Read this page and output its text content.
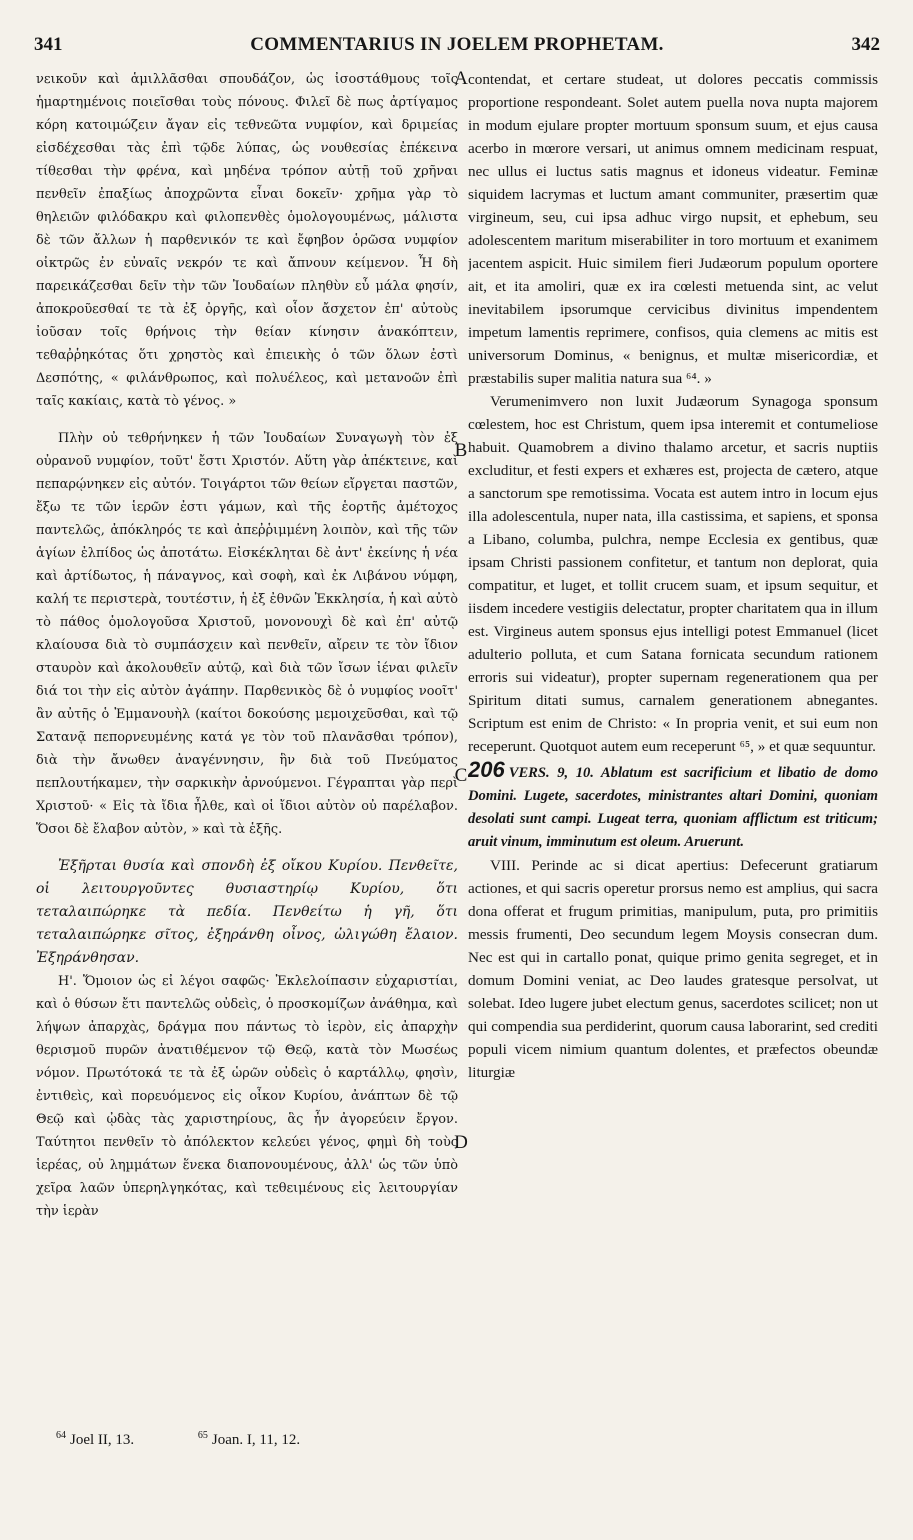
341	COMMENTARIUS IN JOELEM PROPHETAM.	342

νεικοῦν καὶ ἁμιλλᾶσθαι σπουδάζον, ὡς ἰσοστάθμους τοῖς ἡμαρτημένοις ποιεῖσθαι τοὺς πόνους. Φιλεῖ δὲ πως ἀρτίγαμος κόρη κατοιμώζειν ἄγαν εἰς τεθνεῶτα νυμφίον, καὶ δριμείας εἰσδέχεσθαι τὰς ἐπὶ τῷδε λύπας, ὡς νουθεσίας ἐπέκεινα τίθεσθαι τὴν φρένα, καὶ μηδένα τρόπον αὐτῇ τοῦ χρῆναι πενθεῖν ἐπαξίως ἀποχρῶντα εἶναι δοκεῖν· χρῆμα γὰρ τὸ θηλειῶν φιλόδακρυ καὶ φιλοπενθὲς ὁμολογουμένως, μάλιστα δὲ τῶν ἄλλων ἡ παρθενικόν τε καὶ ἔφηβον ὁρῶσα νυμφίον οἰκτρῶς ἐν εὐναῖς νεκρόν τε καὶ ἄπνουν κείμενον. Ἧ δὴ παρεικάζεσθαι δεῖν τὴν τῶν Ἰουδαίων πληθὺν εὖ μάλα φησίν, ἀποκροῦεσθαί τε τὰ ἐξ ὀργῆς, καὶ οἷον ἄσχετον ἐπ' αὐτοὺς ἰοῦσαν τοῖς θρήνοις τὴν θείαν κίνησιν ἀνακόπτειν, τεθαῤῥηκότας ὅτι χρηστὸς καὶ ἐπιεικὴς ὁ τῶν ὅλων ἐστὶ Δεσπότης, « φιλάνθρωπος, καὶ πολυέλεος, καὶ μετανοῶν ἐπὶ ταῖς κακίαις, κατὰ τὸ γένος. »

Πλὴν οὐ τεθρήνηκεν ἡ τῶν Ἰουδαίων Συναγωγὴ τὸν ἐξ οὐρανοῦ νυμφίον, τοῦτ' ἔστι Χριστόν. Αὕτη γὰρ ἀπέκτεινε, καὶ πεπαρῴνηκεν εἰς αὐτόν. Τοιγάρτοι τῶν θείων εἴργεται παστῶν, ἔξω τε τῶν ἱερῶν ἐστι γάμων, καὶ τῆς ἑορτῆς ἀμέτοχος παντελῶς, ἀπόκληρός τε καὶ ἀπεῤῥιμμένη λοιπὸν, καὶ τῆς τῶν ἁγίων ἐλπίδος ὡς ἀποτάτω. Εἰσκέκληται δὲ ἀντ' ἐκείνης ἡ νέα καὶ ἀρτίδωτος, ἡ πάναγνος, καὶ σοφὴ, καὶ ἐκ Λιβάνου νύμφη, καλή τε περιστερὰ, τουτέστιν, ἡ ἐξ ἐθνῶν Ἐκκλησία, ἡ καὶ αὐτὸ τὸ πάθος ὁμολογοῦσα Χριστοῦ, μονονουχὶ δὲ καὶ ἐπ' αὐτῷ κλαίουσα διὰ τὸ συμπάσχειν καὶ πενθεῖν, αἴρειν τε τὸν ἴδιον σταυρὸν καὶ ἀκολουθεῖν αὐτῷ, καὶ διὰ τῶν ἴσων ἰέναι φιλεῖν διά τοι τὴν εἰς αὐτὸν ἀγάπην. Παρθενικὸς δὲ ὁ νυμφίος νοοῖτ' ἂν αὐτῆς ὁ Ἐμμανουὴλ (καίτοι δοκούσης μεμοιχεῦσθαι, καὶ τῷ Σατανᾷ πεπορνευμένης κατά γε τὸν τοῦ πλανᾶσθαι τρόπον), διὰ τὴν ἄνωθεν ἀναγέννησιν, ἣν διὰ τοῦ Πνεύματος πεπλουτήκαμεν, τὴν σαρκικὴν ἀρνούμενοι. Γέγραπται γὰρ περὶ Χριστοῦ· « Εἰς τὰ ἴδια ἦλθε, καὶ οἱ ἴδιοι αὐτὸν οὐ παρέλαβον. Ὅσοι δὲ ἔλαβον αὐτὸν, » καὶ τὰ ἑξῆς.

Ἐξῆρται θυσία καὶ σπονδὴ ἐξ οἴκου Κυρίου. Πενθεῖτε, οἱ λειτουργοῦντες θυσιαστηρίῳ Κυρίου, ὅτι τεταλαιπώρηκε τὰ πεδία. Πενθείτω ἡ γῆ, ὅτι τεταλαιπώρηκε σῖτος, ἐξηράνθη οἶνος, ὠλιγώθη ἔλαιον. Ἐξηράνθησαν.

Η'. Ὅμοιον ὡς εἰ λέγοι σαφῶς· Ἐκλελοίπασιν εὐχαριστίαι, καὶ ὁ θύσων ἔτι παντελῶς οὐδεὶς, ὁ προσκομίζων ἀνάθημα, καὶ λήψων ἀπαρχὰς, δράγμα που πάντως τὸ ἱερὸν, εἰς ἀπαρχὴν θερισμοῦ πυρῶν ἀνατιθέμενον τῷ Θεῷ, κατὰ τὸν Μωσέως νόμον. Πρωτότοκά τε τὰ ἐξ ὡρῶν οὐδεὶς ὁ καρτάλλῳ, φησὶν, ἐντιθεὶς, καὶ πορευόμενος εἰς οἶκον Κυρίου, ἀνάπτων δὲ τῷ Θεῷ καὶ ᾠδὰς τὰς χαριστηρίους, ἃς ἦν ἀγορεύειν ἔργον. Ταύτητοι πενθεῖν τὸ ἀπόλεκτον κελεύει γένος, φημὶ δὴ τοὺς ἱερέας, οὐ ληµμάτων ἕνεκα διαπονουμένους, ἀλλ' ὡς τῶν ὑπὸ χεῖρα λαῶν ὑπερηλγηκότας, καὶ τεθειμένους εἰς λειτουργίαν τὴν ἱερὰν

A
B
C
D

contendat, et certare studeat, ut dolores peccatis commissis proportione respondeant. Solet autem puella nova nupta majorem in modum ejulare propter mortuum sponsum suum, et ejus causa acerbo in mœrore versari, ut animus omnem medicinam respuat, nec ullus ei luctus satis magnus et idoneus videatur. Feminæ siquidem lacrymas et luctum amant communiter, præsertim quæ virgineum, seu, cui ipsa adhuc virgo nupsit, et ephebum, seu adolescentem maritum miserabiliter in toro mortuum et exanimem jacentem aspicit. Huic similem fieri Judæorum populum oportere ait, et ita amoliri, quæ ex ira cœlesti metuenda sint, ac velut inevitabilem ipsorumque cervicibus divinitus impendentem impetum lamentis reprimere, confisos, quia clemens ac mitis est universorum Dominus, « benignus, et multæ misericordiæ, et præstabilis super malitia natura sua ⁶⁴. »

Verumenimvero non luxit Judæorum Synagoga sponsum cœlestem, hoc est Christum, quem ipsa interemit et contumeliose habuit. Quamobrem a divino thalamo arcetur, et sacris nuptiis excluditur, et festi expers et exhæres est, projecta de cætero, atque a sanctorum spe remotissima. Vocata est autem intro in locum ejus illa adolescentula, nuper nata, illa castissima, et sapiens, et sponsa a Libano, columba, pulchra, nempe Ecclesia ex gentibus, quæ ipsam Christi passionem confitetur, et tantum non deplorat, quia compatitur, et luget, et tollit crucem suam, et ipsum sequitur, et iisdem incedere vestigiis delectatur, propter charitatem qua in illum est. Virgineus autem sponsus ejus intelligi potest Emmanuel (licet adulterio polluta, et cum Satana fornicata secundum rationem erroris sui videatur), propter supernam regenerationem qua per Spiritum ditati sumus, carnalem generationem abnegantes. Scriptum est enim de Christo: « In propria venit, et sui eum non receperunt. Quotquot autem eum receperunt ⁶⁵, » et quæ sequuntur.

206 VERS. 9, 10. Ablatum est sacrificium et libatio de domo Domini. Lugete, sacerdotes, ministrantes altari Domini, quoniam desolati sunt campi. Lugeat terra, quoniam afflictum est triticum; aruit vinum, imminutum est oleum. Aruerunt.

VIII. Perinde ac si dicat apertius: Defecerunt gratiarum actiones, et qui sacris operetur prorsus nemo est amplius, qui sacra dona offerat et frugum primitias, manipulum, puta, pro primitiis messis frumenti, Deo secundum legem Moysis consecran dum. Nec est qui in cartallo ponat, quique primo genita segreget, et in domum Domini veniat, ac Deo laudes gratesque persolvat, ut solebat. Ideo lugere jubet electum genus, sacerdotes scilicet; non ut qui compendia sua perdiderint, quorum causa laborarint, sed crediti populi vicem nimium quantum dolentes, et præfectos obeundæ liturgiæ

$^{64}$ Joel II, 13.	$^{65}$ Joan. I, 11, 12.
